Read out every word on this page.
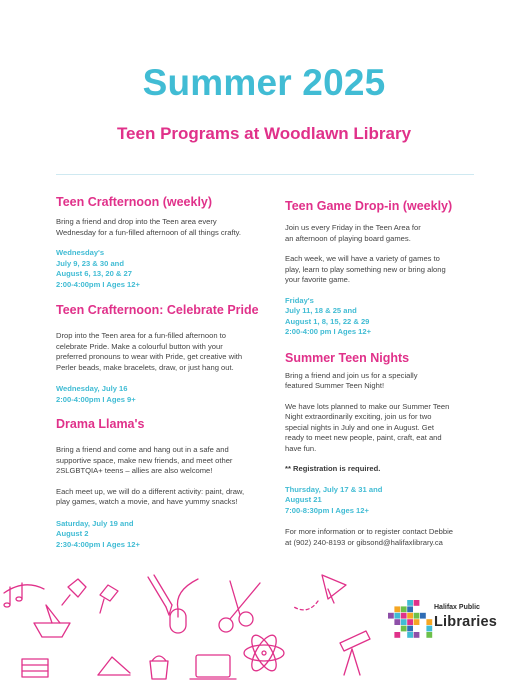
Summer 2025
Teen Programs at Woodlawn Library
Teen Crafternoon (weekly)
Bring a friend and drop into the Teen area every
Wednesday for a fun-filled afternoon of all things crafty.
Wednesday's
July 9, 23 & 30 and
August 6, 13, 20 & 27
2:00-4:00pm I Ages 12+
Teen Crafternoon: Celebrate Pride
Drop into the Teen area for a fun-filled afternoon to
celebrate Pride. Make a colourful button with your
preferred pronouns to wear with Pride, get creative with
Perler beads, make bracelets, draw, or just hang out.
Wednesday, July 16
2:00-4:00pm I Ages 9+
Drama Llama's
Bring a friend and come and hang out in a safe and
supportive space, make new friends, and meet other
2SLGBTQIA+ teens – allies are also welcome!
Each meet up, we will do a different activity: paint, draw,
play games, watch a movie, and have yummy snacks!
Saturday, July 19 and
August 2
2:30-4:00pm I Ages 12+
Teen Game Drop-in (weekly)
Join us every Friday in the Teen Area for
an afternoon of playing board games.
Each week, we will have a variety of games to
play, learn to play something new or bring along
your favorite game.
Friday's
July 11, 18 & 25 and
August 1, 8, 15, 22 & 29
2:00-4:00 pm I Ages 12+
Summer Teen Nights
Bring a friend and join us for a specially
featured Summer Teen Night!
We have lots planned to make our Summer Teen
Night extraordinarily exciting, join us for two
special nights in July and one in August. Get
ready to meet new people, paint, craft, eat and
have fun.
** Registration is required.
Thursday, July 17 & 31 and
August 21
7:00-8:30pm I Ages 12+
For more information or to register contact Debbie
at (902) 240-8193 or gibsond@halifaxlibrary.ca
Halifax Public
Libraries
